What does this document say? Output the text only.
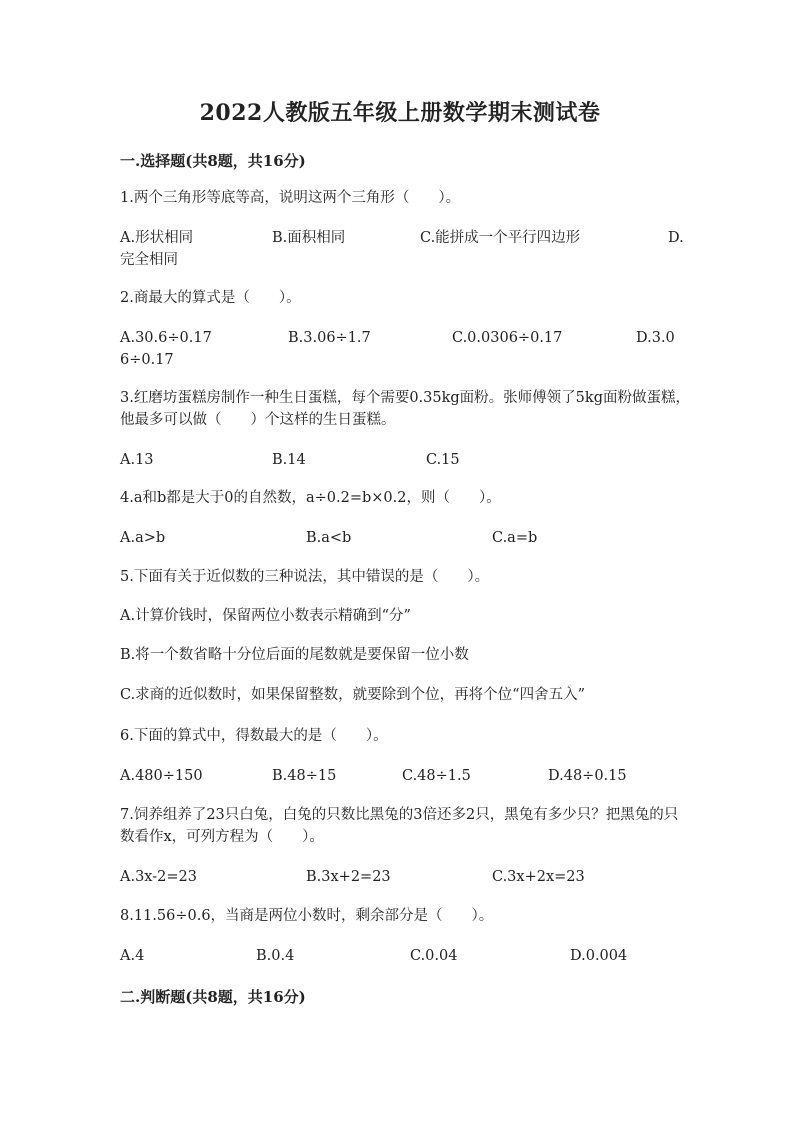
2022人教版五年级上册数学期末测试卷
一.选择题(共8题，共16分)
1.两个三角形等底等高，说明这两个三角形（　　）。
A.形状相同	B.面积相同	C.能拼成一个平行四边形	D.
完全相同
2.商最大的算式是（　　）。
A.30.6÷0.17	B.3.06÷1.7	C.0.0306÷0.17	D.3.0
6÷0.17
3.红磨坊蛋糕房制作一种生日蛋糕，每个需要0.35kg面粉。张师傅领了5kg面粉做蛋糕，他最多可以做（　　）个这样的生日蛋糕。
A.13	B.14	C.15
4.a和b都是大于0的自然数，a÷0.2=b×0.2，则（　　）。
A.a>b	B.a<b	C.a=b
5.下面有关于近似数的三种说法，其中错误的是（　　）。
A.计算价钱时，保留两位小数表示精确到“分”
B.将一个数省略十分位后面的尾数就是要保留一位小数
C.求商的近似数时，如果保留整数，就要除到个位，再将个位“四舍五入”
6.下面的算式中，得数最大的是（　　）。
A.480÷150	B.48÷15	C.48÷1.5	D.48÷0.15
7.饲养组养了23只白兔，白兔的只数比黑兔的3倍还多2只，黑兔有多少只？把黑兔的只数看作x，可列方程为（　　）。
A.3x-2=23	B.3x+2=23	C.3x+2x=23
8.11.56÷0.6，当商是两位小数时，剩余部分是（　　）。
A.4	B.0.4	C.0.04	D.0.004
二.判断题(共8题，共16分)
